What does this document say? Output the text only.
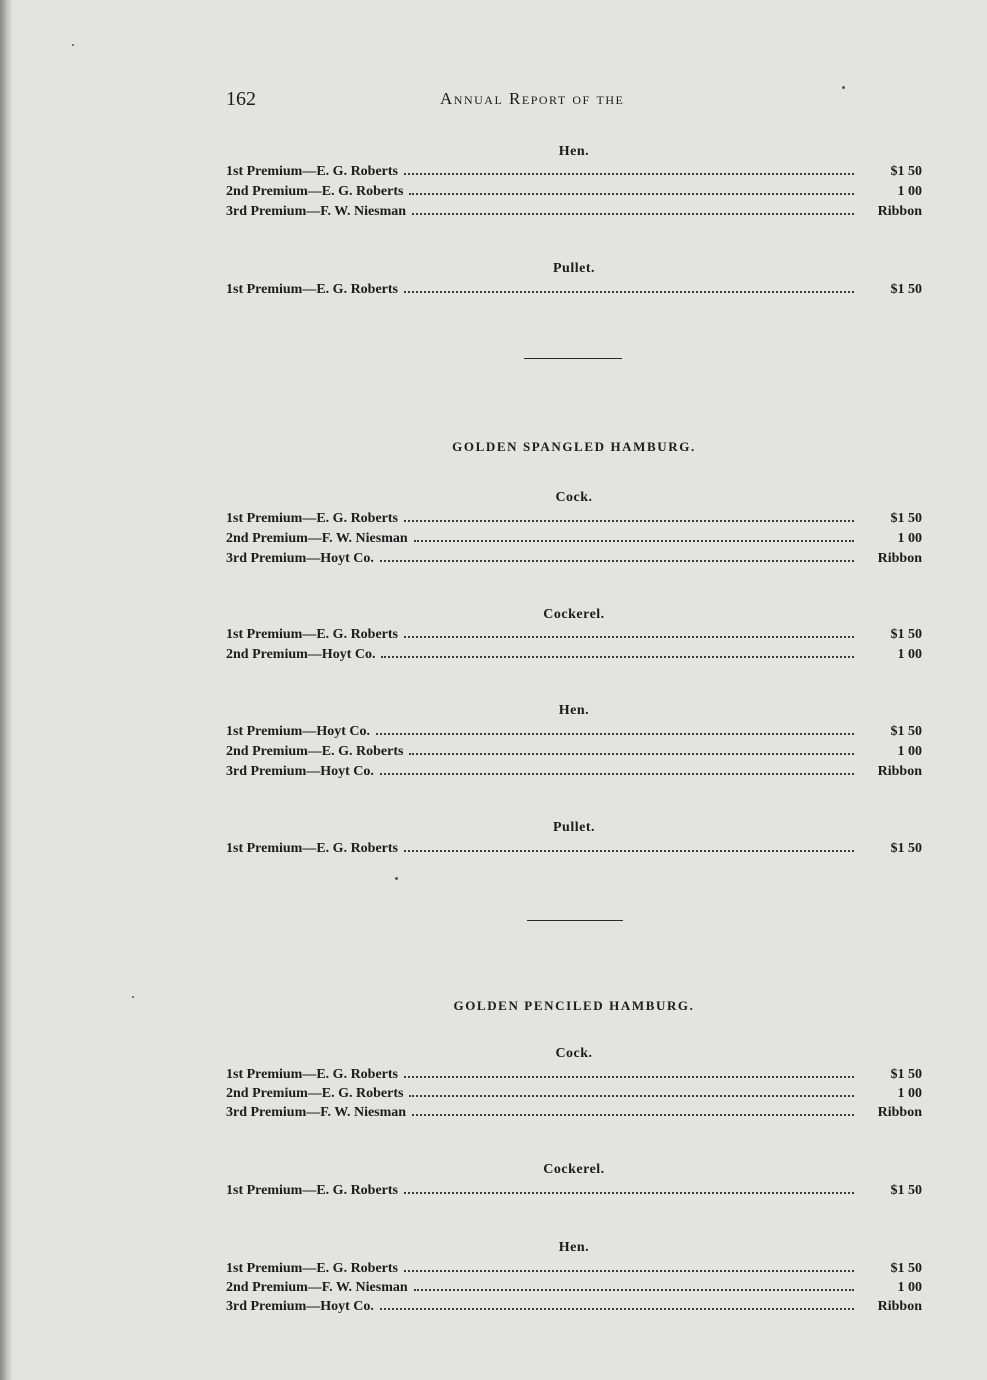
162	Annual Report of the
Hen.
1st Premium—E. G. Roberts	$1 50
2nd Premium—E. G. Roberts	1 00
3rd Premium—F. W. Niesman	Ribbon
Pullet.
1st Premium—E. G. Roberts	$1 50
GOLDEN SPANGLED HAMBURG.
Cock.
1st Premium—E. G. Roberts	$1 50
2nd Premium—F. W. Niesman	1 00
3rd Premium—Hoyt Co.	Ribbon
Cockerel.
1st Premium—E. G. Roberts	$1 50
2nd Premium—Hoyt Co.	1 00
Hen.
1st Premium—Hoyt Co.	$1 50
2nd Premium—E. G. Roberts	1 00
3rd Premium—Hoyt Co.	Ribbon
Pullet.
1st Premium—E. G. Roberts	$1 50
GOLDEN PENCILED HAMBURG.
Cock.
1st Premium—E. G. Roberts	$1 50
2nd Premium—E. G. Roberts	1 00
3rd Premium—F. W. Niesman	Ribbon
Cockerel.
1st Premium—E. G. Roberts	$1 50
Hen.
1st Premium—E. G. Roberts	$1 50
2nd Premium—F. W. Niesman	1 00
3rd Premium—Hoyt Co.	Ribbon
